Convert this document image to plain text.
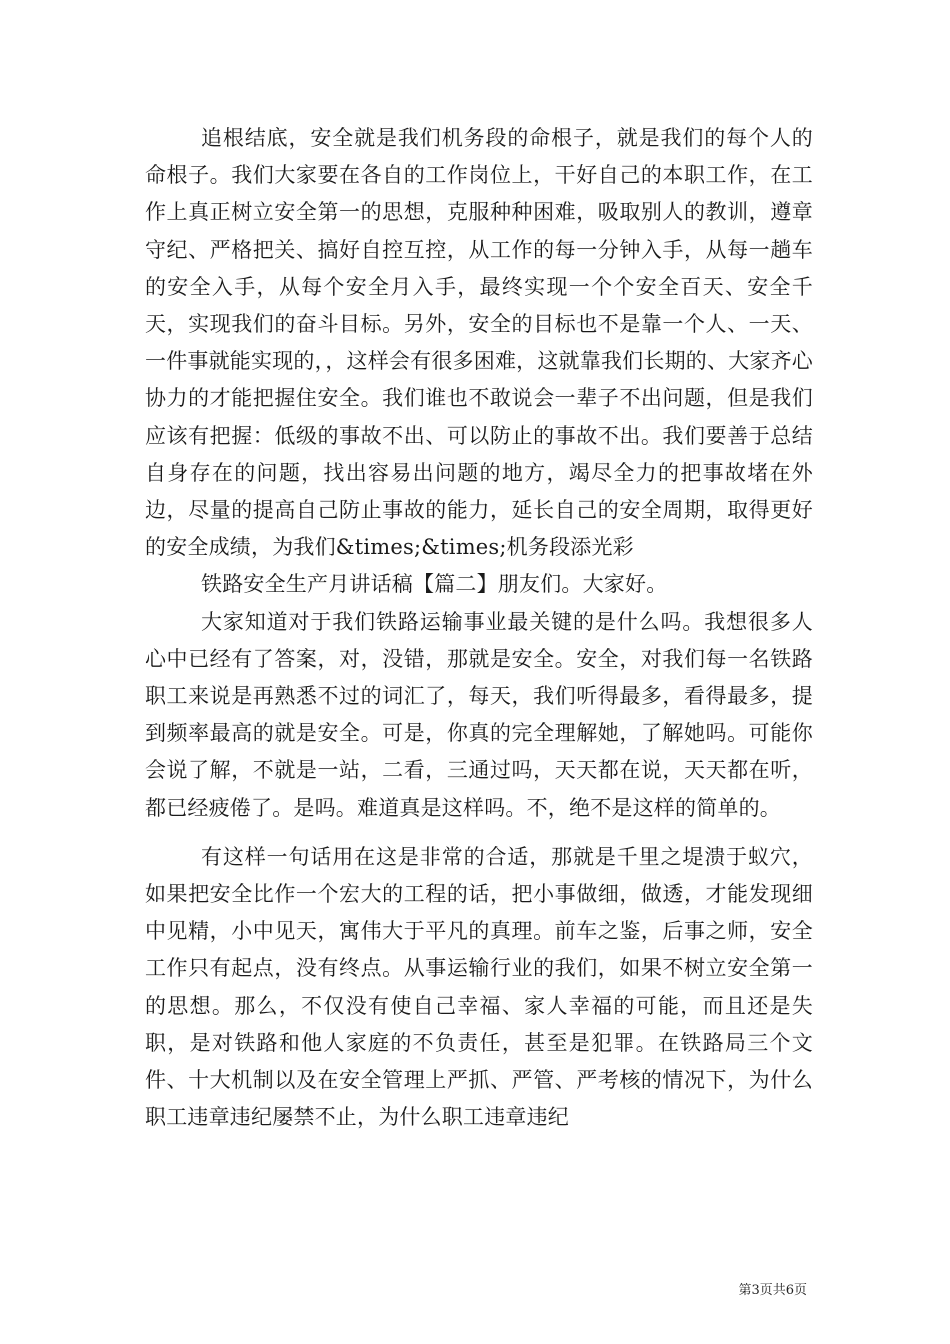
追根结底，安全就是我们机务段的命根子，就是我们的每个人的命根子。我们大家要在各自的工作岗位上，干好自己的本职工作，在工作上真正树立安全第一的思想，克服种种困难，吸取别人的教训，遵章守纪、严格把关、搞好自控互控，从工作的每一分钟入手，从每一趟车的安全入手，从每个安全月入手，最终实现一个个安全百天、安全千天，实现我们的奋斗目标。另外，安全的目标也不是靠一个人、一天、一件事就能实现的，，这样会有很多困难，这就靠我们长期的、大家齐心协力的才能把握住安全。我们谁也不敢说会一辈子不出问题，但是我们应该有把握：低级的事故不出、可以防止的事故不出。我们要善于总结自身存在的问题，找出容易出问题的地方，竭尽全力的把事故堵在外边，尽量的提高自己防止事故的能力，延长自己的安全周期，取得更好的安全成绩，为我们&times;&times;机务段添光彩

铁路安全生产月讲话稿【篇二】朋友们。大家好。

大家知道对于我们铁路运输事业最关键的是什么吗。我想很多人心中已经有了答案，对，没错，那就是安全。安全，对我们每一名铁路职工来说是再熟悉不过的词汇了，每天，我们听得最多，看得最多，提到频率最高的就是安全。可是，你真的完全理解她，了解她吗。可能你会说了解，不就是一站，二看，三通过吗，天天都在说，天天都在听，都已经疲倦了。是吗。难道真是这样吗。不，绝不是这样的简单的。

有这样一句话用在这是非常的合适，那就是千里之堤溃于蚁穴，如果把安全比作一个宏大的工程的话，把小事做细，做透，才能发现细中见精，小中见天，寓伟大于平凡的真理。前车之鉴，后事之师，安全工作只有起点，没有终点。从事运输行业的我们，如果不树立安全第一的思想。那么，不仅没有使自己幸福、家人幸福的可能，而且还是失职，是对铁路和他人家庭的不负责任，甚至是犯罪。在铁路局三个文件、十大机制以及在安全管理上严抓、严管、严考核的情况下，为什么职工违章违纪屡禁不止，为什么职工违章违纪

第3页共6页
